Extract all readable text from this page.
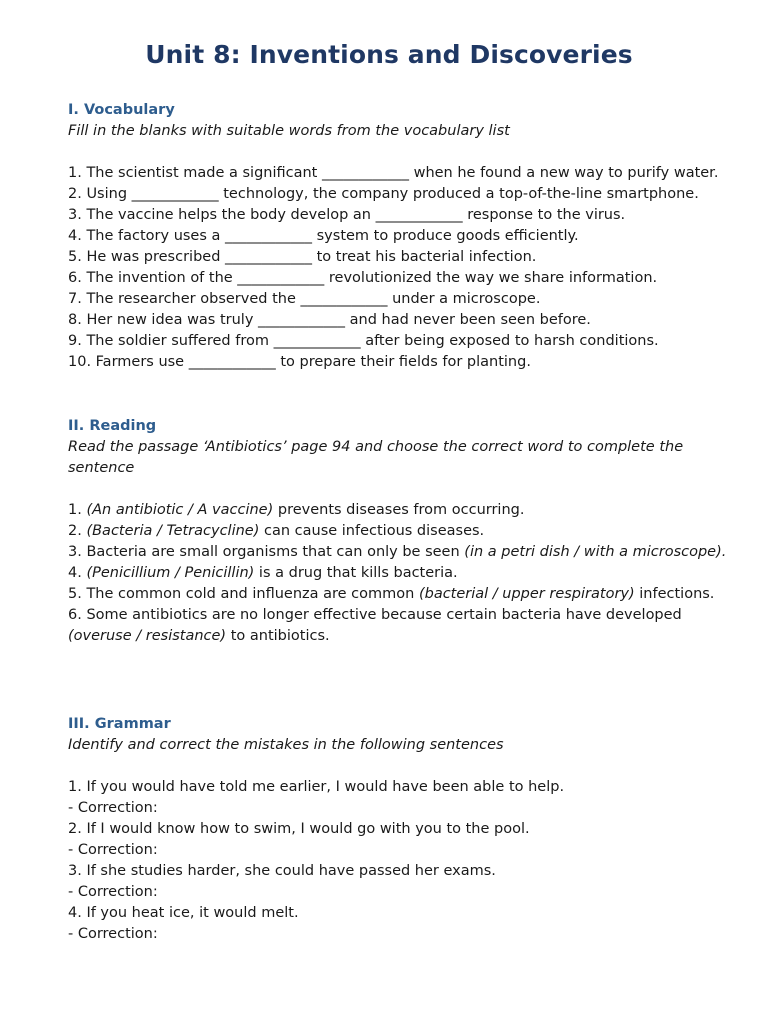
Unit 8: Inventions and Discoveries

I. Vocabulary

Fill in the blanks with suitable words from the vocabulary list

1. The scientist made a significant ____________ when he found a new way to purify water.

2. Using ____________ technology, the company produced a top-of-the-line smartphone.

3. The vaccine helps the body develop an ____________ response to the virus.

4. The factory uses a ____________ system to produce goods efficiently.

5. He was prescribed ____________ to treat his bacterial infection.

6. The invention of the ____________ revolutionized the way we share information.

7. The researcher observed the ____________ under a microscope.

8. Her new idea was truly ____________ and had never been seen before.

9. The soldier suffered from ____________ after being exposed to harsh conditions.

10. Farmers use ____________ to prepare their fields for planting.

II. Reading

Read the passage ‘Antibiotics’ page 94 and choose the correct word to complete the sentence

1. (An antibiotic / A vaccine) prevents diseases from occurring.

2. (Bacteria / Tetracycline) can cause infectious diseases.

3. Bacteria are small organisms that can only be seen (in a petri dish / with a microscope).

4. (Penicillium / Penicillin) is a drug that kills bacteria.

5. The common cold and influenza are common (bacterial / upper respiratory) infections.

6. Some antibiotics are no longer effective because certain bacteria have developed (overuse / resistance) to antibiotics.

III. Grammar

Identify and correct the mistakes in the following sentences

1. If you would have told me earlier, I would have been able to help.

- Correction:

2. If I would know how to swim, I would go with you to the pool.

- Correction:

3. If she studies harder, she could have passed her exams.

- Correction:

4. If you heat ice, it would melt.

- Correction:
